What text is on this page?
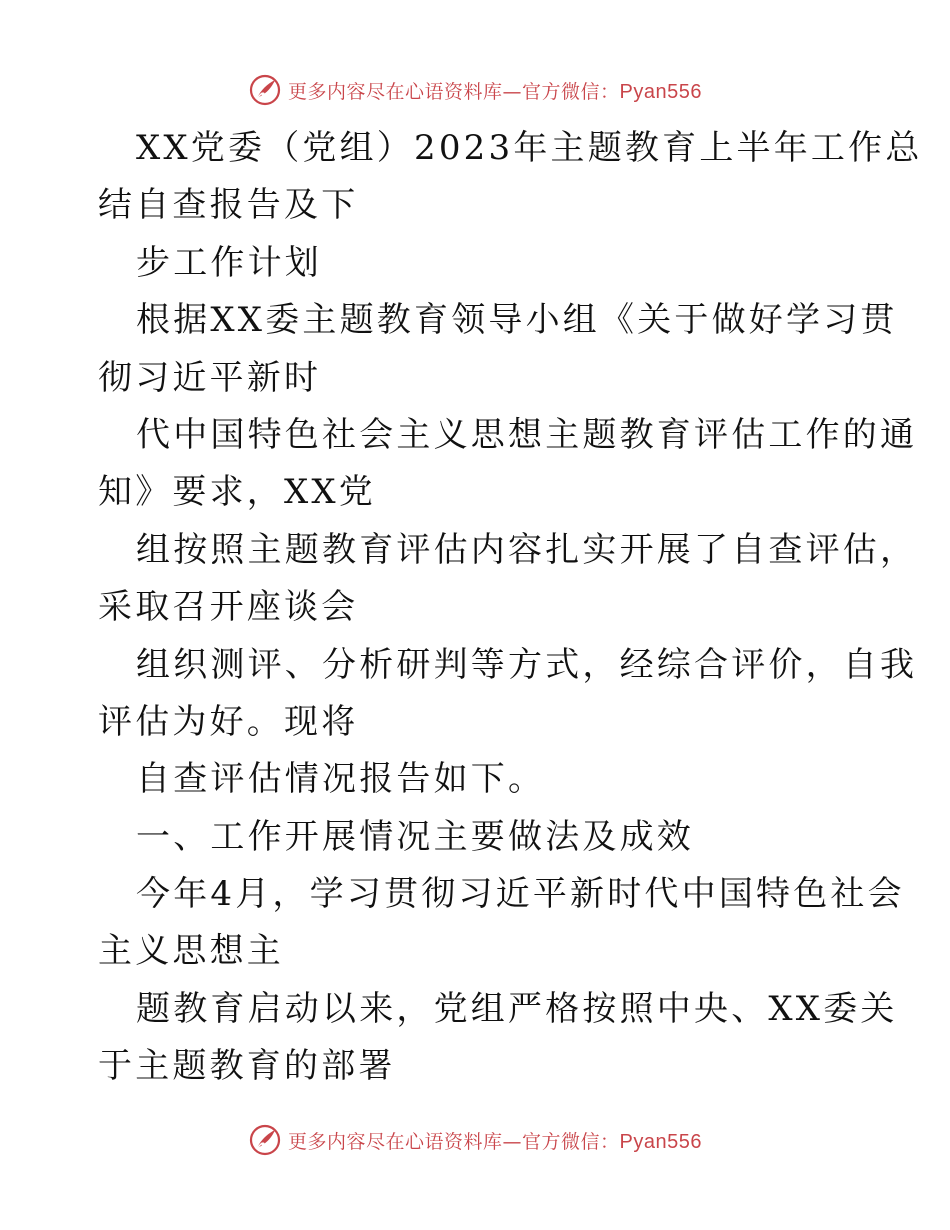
更多内容尽在心语资料库—官方微信：Pyan556
XX党委（党组）2023年主题教育上半年工作总
结自查报告及下
步工作计划
根据XX委主题教育领导小组《关于做好学习贯
彻习近平新时
代中国特色社会主义思想主题教育评估工作的通
知》要求，XX党
组按照主题教育评估内容扎实开展了自查评估，
采取召开座谈会
组织测评、分析研判等方式，经综合评价，自我
评估为好。现将
自查评估情况报告如下。
一、工作开展情况主要做法及成效
今年4月，学习贯彻习近平新时代中国特色社会
主义思想主
题教育启动以来，党组严格按照中央、XX委关
于主题教育的部署
更多内容尽在心语资料库—官方微信：Pyan556
